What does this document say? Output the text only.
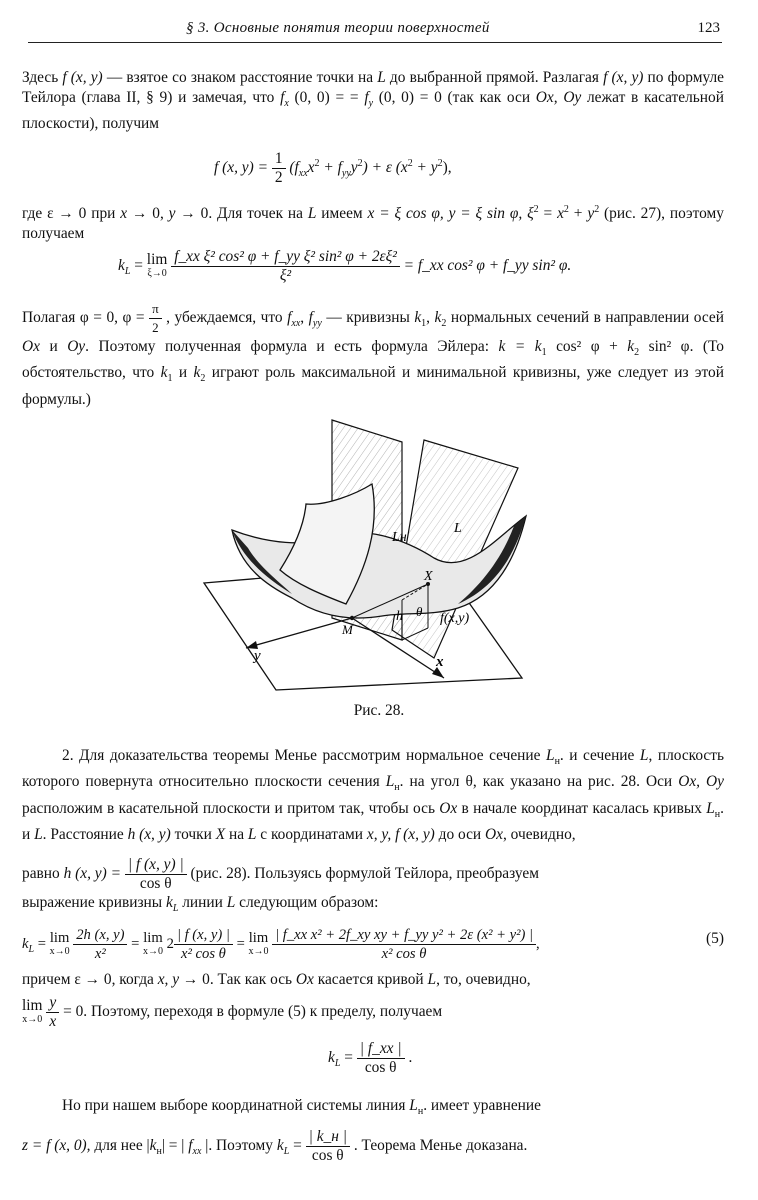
§ 3. Основные понятия теории поверхностей	123

Здесь f (x, y) — взятое со знаком расстояние точки на L до выбранной прямой. Разлагая f (x, y) по формуле Тейлора (глава II, § 9) и замечая, что $f_x$ (0, 0) = = $f_y$ (0, 0) = 0 (так как оси Ox, Oy лежат в касательной плоскости), получим

f (x, $y) = \frac{1}{2} (f_{xx}x^2 + f_{yy}y^2) + \varepsilon$ $(x^2 + y^2)$,

где ε → 0 при x → 0, y → 0. Для точек на L имеем x = ξ cos φ, y = ξ sin φ, $\xi^2 = x^2 + y^2$ (рис. 27), поэтому получаем

$k_L = \lim$
ξ→0
$\frac{\text{f\_xx ξ² cos² φ + f\_yy ξ² sin² φ + 2εξ²}}{\text{ξ²}}$ = f_xx cos² φ + f_yy sin² φ.

Полагая φ = 0, $\varphi = \frac{\pi}{2}$ , убеждаемся, что $f_{xx}$, $f_{yy}$ — кривизны $k_1$, $k_2$ нормальных сечений в направлении осей Ox и Oy. Поэтому полученная формула и есть формула Эйлера: $k = k_1$ cos² $\varphi + k_2$ sin² φ. (То обстоятельство, что $k_1$ и $k_2$ играют роль максимальной и минимальной кривизны, уже следует из этой формулы.)

Lн
L
X
M
h θ f(x,y)
y	x
Рис. 28.

2. Для доказательства теоремы Менье рассмотрим нормальное сечение $L_н$. и сечение L, плоскость которого повернута относительно плоскости сечения $L_н$. на угол θ, как указано на рис. 28. Оси Ox, Oy расположим в касательной плоскости и притом так, чтобы ось Ox в начале координат касалась кривых $L_н$. и L. Расстояние h (x, y) точки X на L с координатами x, y, f (x, y) до оси Ox, очевидно,

равно h (x, $y) = \frac{| f (x, y) |}{\text{cos θ}} (рис$. 28). Пользуясь формулой Тейлора, преобразуем

выражение кривизны $k_L$ линии L следующим образом:

$k_L = \lim$
x→0
$\frac{2h (x, y)}{\text{x²}} = \lim$
x→0 $2 \frac{| f (x, y) |}{\text{x² cos θ}} = \lim$
x→0
$\frac{\text{| f\_xx x² + 2f\_xy xy + f\_yy y² + 2ε (x² + y²) |}}{\text{x² cos θ}}$ ,	(5)

причем ε → 0, когда x, y → 0. Так как ось Ox касается кривой L, то, очевидно,

lim
x→0
$\frac{y}{x} = 0$. Поэтому, переходя в формуле (5) к пределу, получаем

$k_L = \frac{| f\_xx |}{\text{cos θ}}$ .

Но при нашем выборе координатной системы линия $L_н$. имеет уравнение

z = f (x, 0), для нее $|k_н|$ = | $f_{xx}$ |. Поэтому $k_L = \frac{| k\_н |}{\text{cos θ}}$ . Теорема Менье доказана.
